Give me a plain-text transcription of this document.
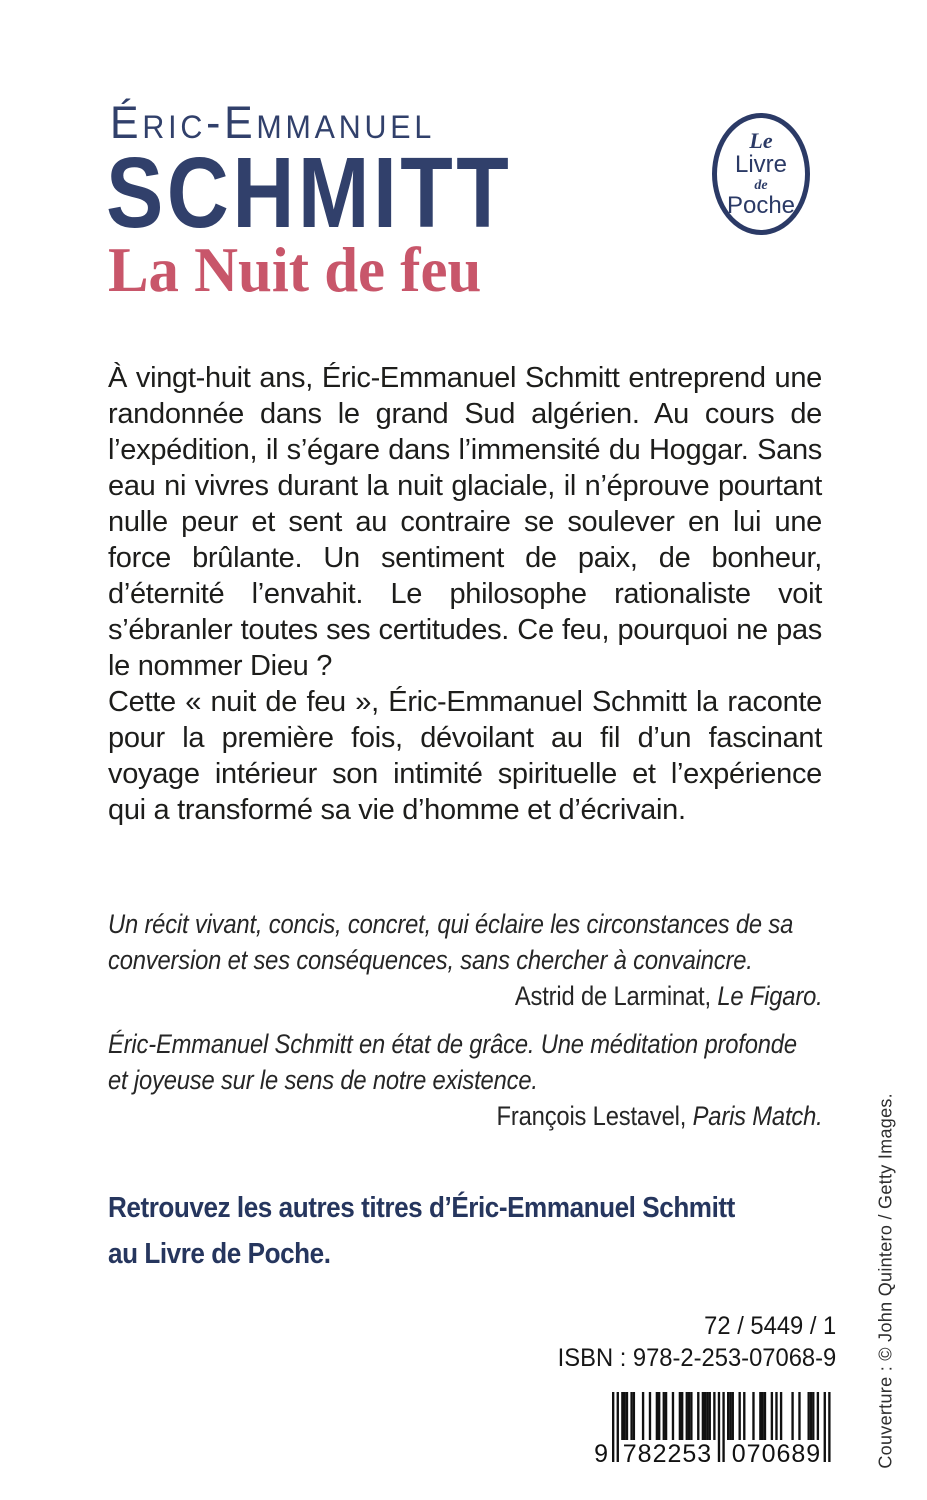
Éric-Emmanuel
SCHMITT
La Nuit de feu
Le
Livre
de
Poche

À vingt-huit ans, Éric-Emmanuel Schmitt entreprend une randonnée dans le grand Sud algérien. Au cours de l’expédition, il s’égare dans l’immensité du Hoggar. Sans eau ni vivres durant la nuit glaciale, il n’éprouve pourtant nulle peur et sent au contraire se soulever en lui une force brûlante. Un sentiment de paix, de bonheur, d’éternité l’envahit. Le philosophe rationaliste voit s’ébranler toutes ses certitudes. Ce feu, pourquoi ne pas le nommer Dieu ?

Cette « nuit de feu », Éric-Emmanuel Schmitt la raconte pour la première fois, dévoilant au fil d’un fascinant voyage intérieur son intimité spirituelle et l’expérience qui a transformé sa vie d’homme et d’écrivain.

Un récit vivant, concis, concret, qui éclaire les circonstances de sa conversion et ses conséquences, sans chercher à convaincre.

Astrid de Larminat, Le Figaro.

Éric-Emmanuel Schmitt en état de grâce. Une méditation profonde et joyeuse sur le sens de notre existence.

François Lestavel, Paris Match.

Retrouvez les autres titres d’Éric-Emmanuel Schmitt
au Livre de Poche.
72 / 5449 / 1
ISBN : 978-2-253-07068-9
9 782253 070689	Couverture : © John Quintero / Getty Images.
